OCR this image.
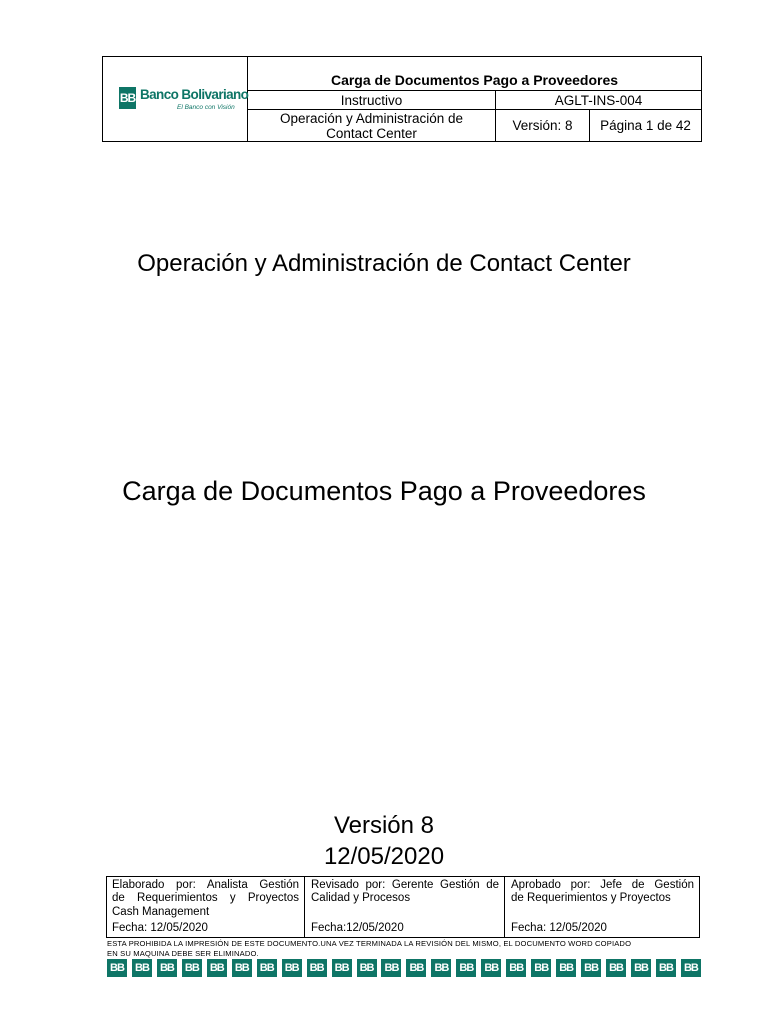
BB Banco Bolivariano
El Banco con Visión
Carga de Documentos Pago a Proveedores
Instructivo	AGLT-INS-004
Operación y Administración de
Contact Center	Versión: 8	Página 1 de 42
Operación y Administración de Contact Center
Carga de Documentos Pago a Proveedores
Versión 8
12/05/2020
Elaborado por: Analista Gestión
de Requerimientos y Proyectos
Cash Management
Fecha: 12/05/2020
Revisado por: Gerente Gestión de
Calidad y Procesos
Fecha:12/05/2020
Aprobado por: Jefe de Gestión
de Requerimientos y Proyectos
Fecha: 12/05/2020
ESTA PROHIBIDA LA IMPRESIÓN DE ESTE DOCUMENTO.UNA VEZ TERMINADA LA REVISIÓN DEL MISMO, EL DOCUMENTO WORD COPIADO
EN SU MAQUINA DEBE SER ELIMINADO.
BB BB BB BB BB BB BB BB BB BB BB BB BB BB BB BB BB BB BB BB BB BB BB BB
